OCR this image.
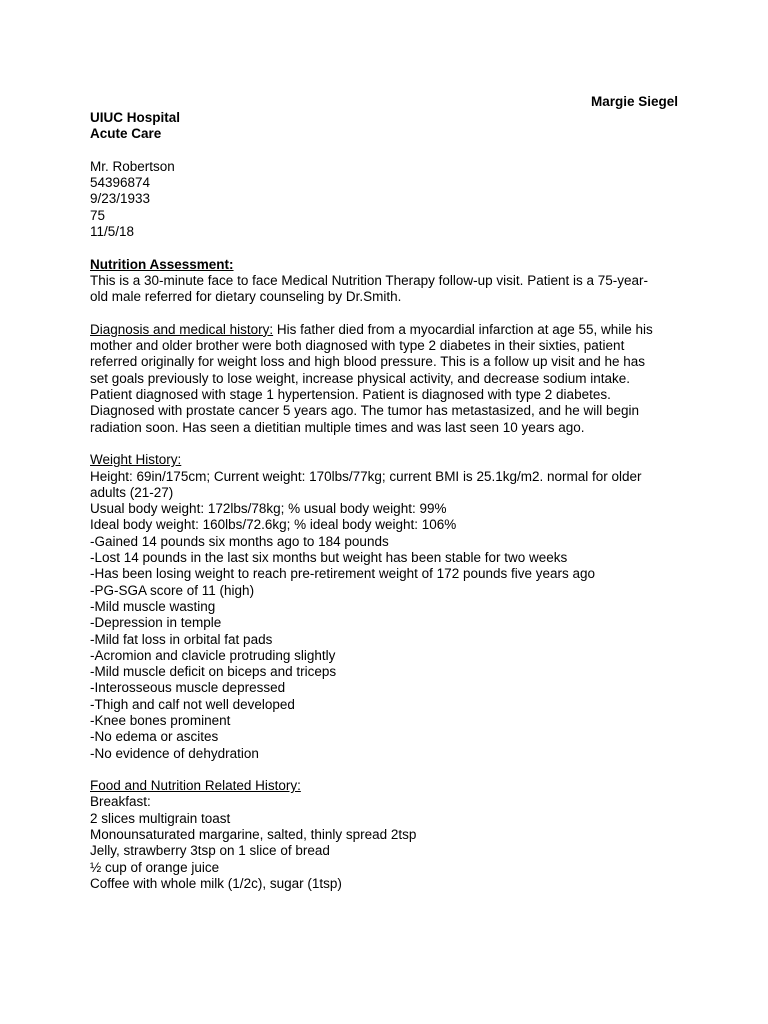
Margie Siegel
UIUC Hospital
Acute Care
Mr. Robertson
54396874
9/23/1933
75
11/5/18
Nutrition Assessment:
This is a 30-minute face to face Medical Nutrition Therapy follow-up visit. Patient is a 75-year-
old male referred for dietary counseling by Dr.Smith.
Diagnosis and medical history: His father died from a myocardial infarction at age 55, while his
mother and older brother were both diagnosed with type 2 diabetes in their sixties, patient
referred originally for weight loss and high blood pressure. This is a follow up visit and he has
set goals previously to lose weight, increase physical activity, and decrease sodium intake.
Patient diagnosed with stage 1 hypertension. Patient is diagnosed with type 2 diabetes.
Diagnosed with prostate cancer 5 years ago. The tumor has metastasized, and he will begin
radiation soon. Has seen a dietitian multiple times and was last seen 10 years ago.
Weight History:
Height: 69in/175cm; Current weight: 170lbs/77kg; current BMI is 25.1kg/m2. normal for older
adults (21-27)
Usual body weight: 172lbs/78kg; % usual body weight: 99%
Ideal body weight: 160lbs/72.6kg; % ideal body weight: 106%
-Gained 14 pounds six months ago to 184 pounds
-Lost 14 pounds in the last six months but weight has been stable for two weeks
-Has been losing weight to reach pre-retirement weight of 172 pounds five years ago
-PG-SGA score of 11 (high)
-Mild muscle wasting
-Depression in temple
-Mild fat loss in orbital fat pads
-Acromion and clavicle protruding slightly
-Mild muscle deficit on biceps and triceps
-Interosseous muscle depressed
-Thigh and calf not well developed
-Knee bones prominent
-No edema or ascites
-No evidence of dehydration
Food and Nutrition Related History:
Breakfast:
2 slices multigrain toast
Monounsaturated margarine, salted, thinly spread 2tsp
Jelly, strawberry 3tsp on 1 slice of bread
½ cup of orange juice
Coffee with whole milk (1/2c), sugar (1tsp)
